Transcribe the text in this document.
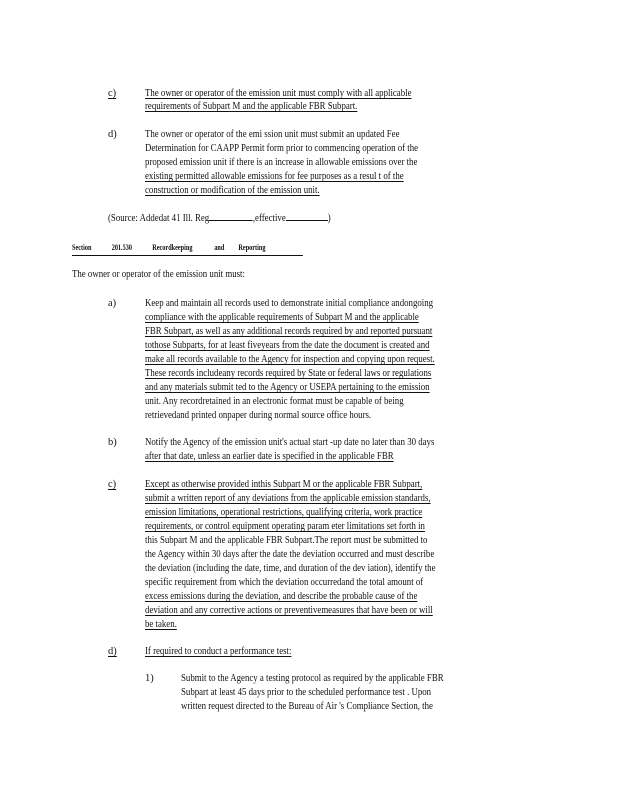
c)	The owner or operator of the emission unit must comply with all applicable
requirements of Subpart M and the applicable FBR Subpart.
d)	The owner or operator of the emi ssion unit must submit an updated Fee
Determination for CAAPP Permit form prior to commencing operation of the
proposed emission unit if there is an increase in allowable emissions over the
existing permitted allowable emissions for fee purposes as a resul t of the
construction or modification of the emission unit.
(Source: Addedat 41 Ill. Reg	,effective	)
Section	201.530	Recordkeeping	and Reporting
The owner or operator of the emission unit must:
a)	Keep and maintain all records used to demonstrate initial compliance andongoing
compliance with the applicable requirements of Subpart M and the applicable
FBR Subpart, as well as any additional records required by and reported pursuant
tothose Subparts, for at least fiveyears from the date the document is created and
make all records available to the Agency for inspection and copying upon request.
These records includeany records required by State or federal laws or regulations
and any materials submit ted to the Agency or USEPA pertaining to the emission
unit. Any recordretained in an electronic format must be capable of being
retrievedand printed onpaper during normal source office hours.
b)	Notify the Agency of the emission unit's actual start -up date no later than 30 days
after that date, unless an earlier date is specified in the applicable FBR
c)	Except as otherwise provided inthis Subpart M or the applicable FBR Subpart,
submit a written report of any deviations from the applicable emission standards,
emission limitations, operational restrictions, qualifying criteria, work practice
requirements, or control equipment operating param eter limitations set forth in
this Subpart M and the applicable FBR Subpart.The report must be submitted to
the Agency within 30 days after the date the deviation occurred and must describe
the deviation (including the date, time, and duration of the dev iation), identify the
specific requirement from which the deviation occurredand the total amount of
excess emissions during the deviation, and describe the probable cause of the
deviation and any corrective actions or preventivemeasures that have been or will
be taken.
d)	If required to conduct a performance test:
1)	Submit to the Agency a testing protocol as required by the applicable FBR
Subpart at least 45 days prior to the scheduled performance test . Upon
written request directed to the Bureau of Air 's Compliance Section, the
